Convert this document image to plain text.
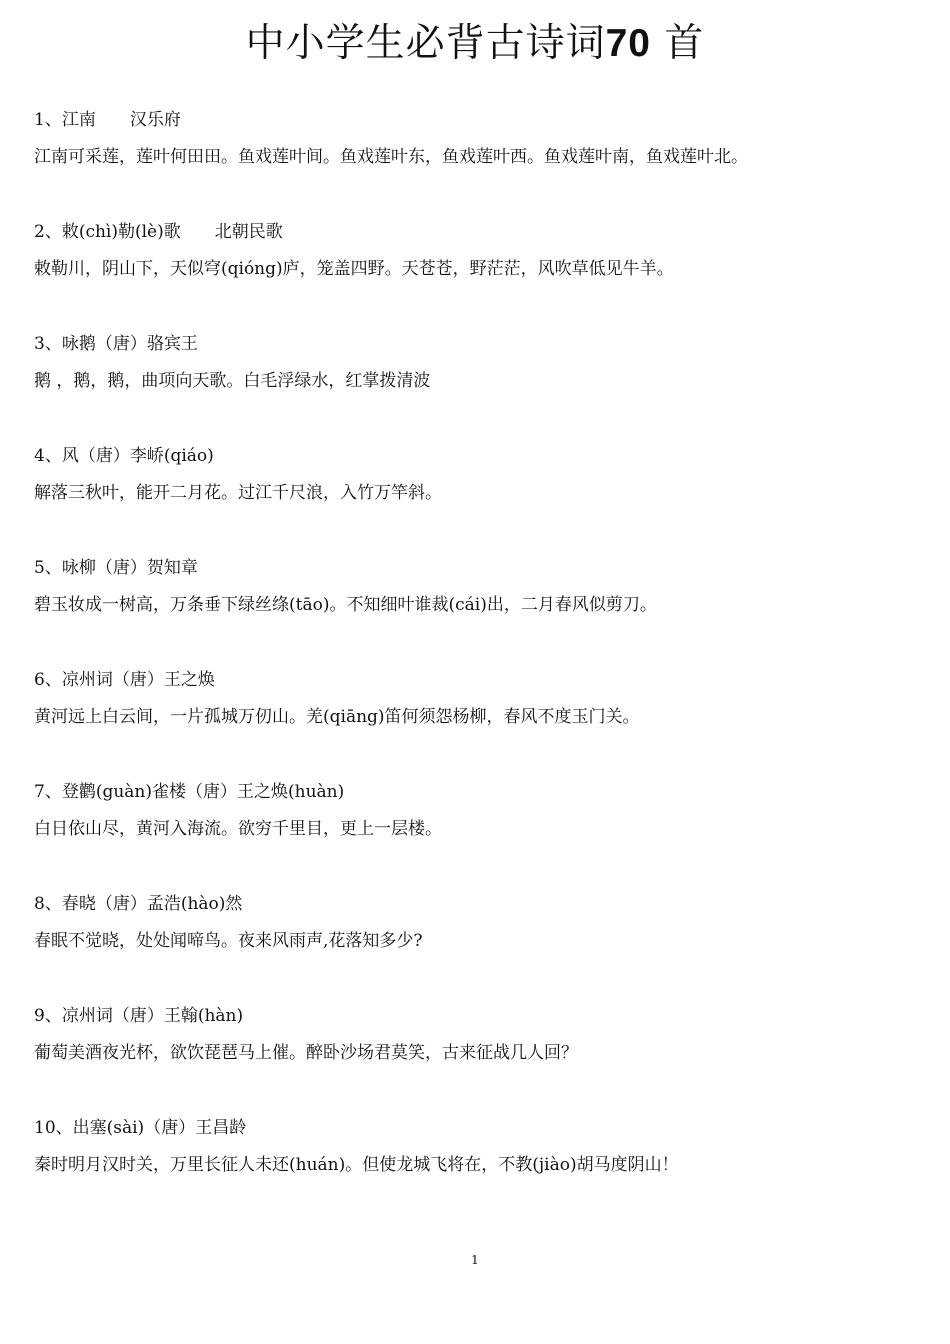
中小学生必背古诗词70 首
1、江南　　汉乐府
江南可采莲，莲叶何田田。鱼戏莲叶间。鱼戏莲叶东，鱼戏莲叶西。鱼戏莲叶南，鱼戏莲叶北。
2、敕(chì)勒(lè)歌　　北朝民歌
敕勒川，阴山下，天似穹(qióng)庐，笼盖四野。天苍苍，野茫茫，风吹草低见牛羊。
3、咏鹅（唐）骆宾王
鹅 ，鹅，鹅，曲项向天歌。白毛浮绿水，红掌拨清波
4、风（唐）李峤(qiáo)
解落三秋叶，能开二月花。过江千尺浪，入竹万竿斜。
5、咏柳（唐）贺知章
碧玉妆成一树高，万条垂下绿丝绦(tāo)。不知细叶谁裁(cái)出，二月春风似剪刀。
6、凉州词（唐）王之焕
黄河远上白云间，一片孤城万仞山。羌(qiāng)笛何须怨杨柳，春风不度玉门关。
7、登鹳(guàn)雀楼（唐）王之焕(huàn)
白日依山尽，黄河入海流。欲穷千里目，更上一层楼。
8、春晓（唐）孟浩(hào)然
春眠不觉晓，处处闻啼鸟。夜来风雨声,花落知多少?
9、凉州词（唐）王翰(hàn)
葡萄美酒夜光杯，欲饮琵琶马上催。醉卧沙场君莫笑，古来征战几人回？
10、出塞(sài)（唐）王昌龄
秦时明月汉时关，万里长征人未还(huán)。但使龙城飞将在，不教(jiào)胡马度阴山！
1
